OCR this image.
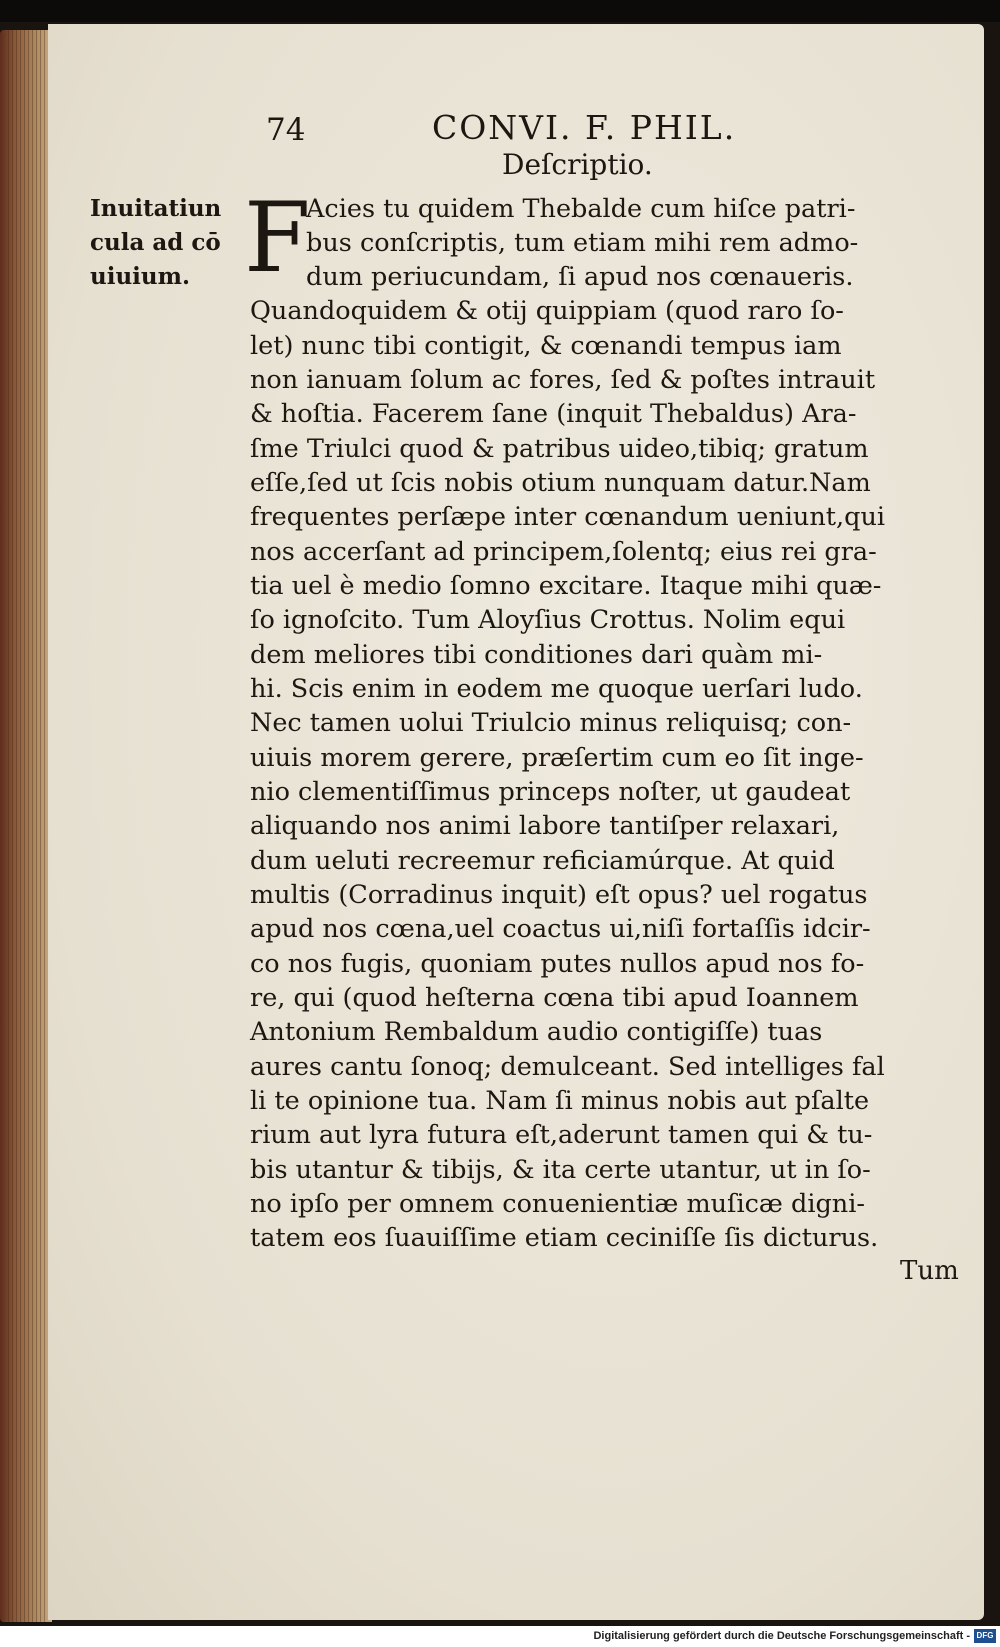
74	CONVI. F. PHIL.
Deſcriptio.
Inuitatiun
cula ad cō
uiuium. F
Acies tu quidem Thebalde cum hiſce patri-
bus conſcriptis, tum etiam mihi rem admo-
dum periucundam, ſi apud nos cœnaueris.
Quandoquidem & otij quippiam (quod raro ſo-
let) nunc tibi contigit, & cœnandi tempus iam
non ianuam ſolum ac fores, ſed & poſtes intrauit
& hoſtia. Facerem ſane (inquit Thebaldus) Ara-
ſme Triulci quod & patribus uideo,tibiq; gratum
eſſe,ſed ut ſcis nobis otium nunquam datur.Nam
frequentes perſæpe inter cœnandum ueniunt,qui
nos accerſant ad principem,ſolentq; eius rei gra-
tia uel è medio ſomno excitare. Itaque mihi quæ-
ſo ignoſcito. Tum Aloyſius Crottus. Nolim equi
dem meliores tibi conditiones dari quàm mi-
hi. Scis enim in eodem me quoque uerſari ludo.
Nec tamen uolui Triulcio minus reliquisq; con-
uiuis morem gerere, præſertim cum eo ſit inge-
nio clementiſſimus princeps noſter, ut gaudeat
aliquando nos animi labore tantiſper relaxari,
dum ueluti recreemur reficiamúrque. At quid
multis (Corradinus inquit) eſt opus? uel rogatus
apud nos cœna,uel coactus ui,niſi fortaſſis idcir-
co nos fugis, quoniam putes nullos apud nos fo-
re, qui (quod heſterna cœna tibi apud Ioannem
Antonium Rembaldum audio contigiſſe) tuas
aures cantu ſonoq; demulceant. Sed intelliges fal
li te opinione tua. Nam ſi minus nobis aut pſalte
rium aut lyra futura eſt,aderunt tamen qui & tu-
bis utantur & tibijs, & ita certe utantur, ut in ſo-
no ipſo per omnem conuenientiæ muſicæ digni-
tatem eos ſuauiſſime etiam ceciniſſe ſis dicturus.
Tum
Digitalisierung gefördert durch die Deutsche Forschungsgemeinschaft - DFG
